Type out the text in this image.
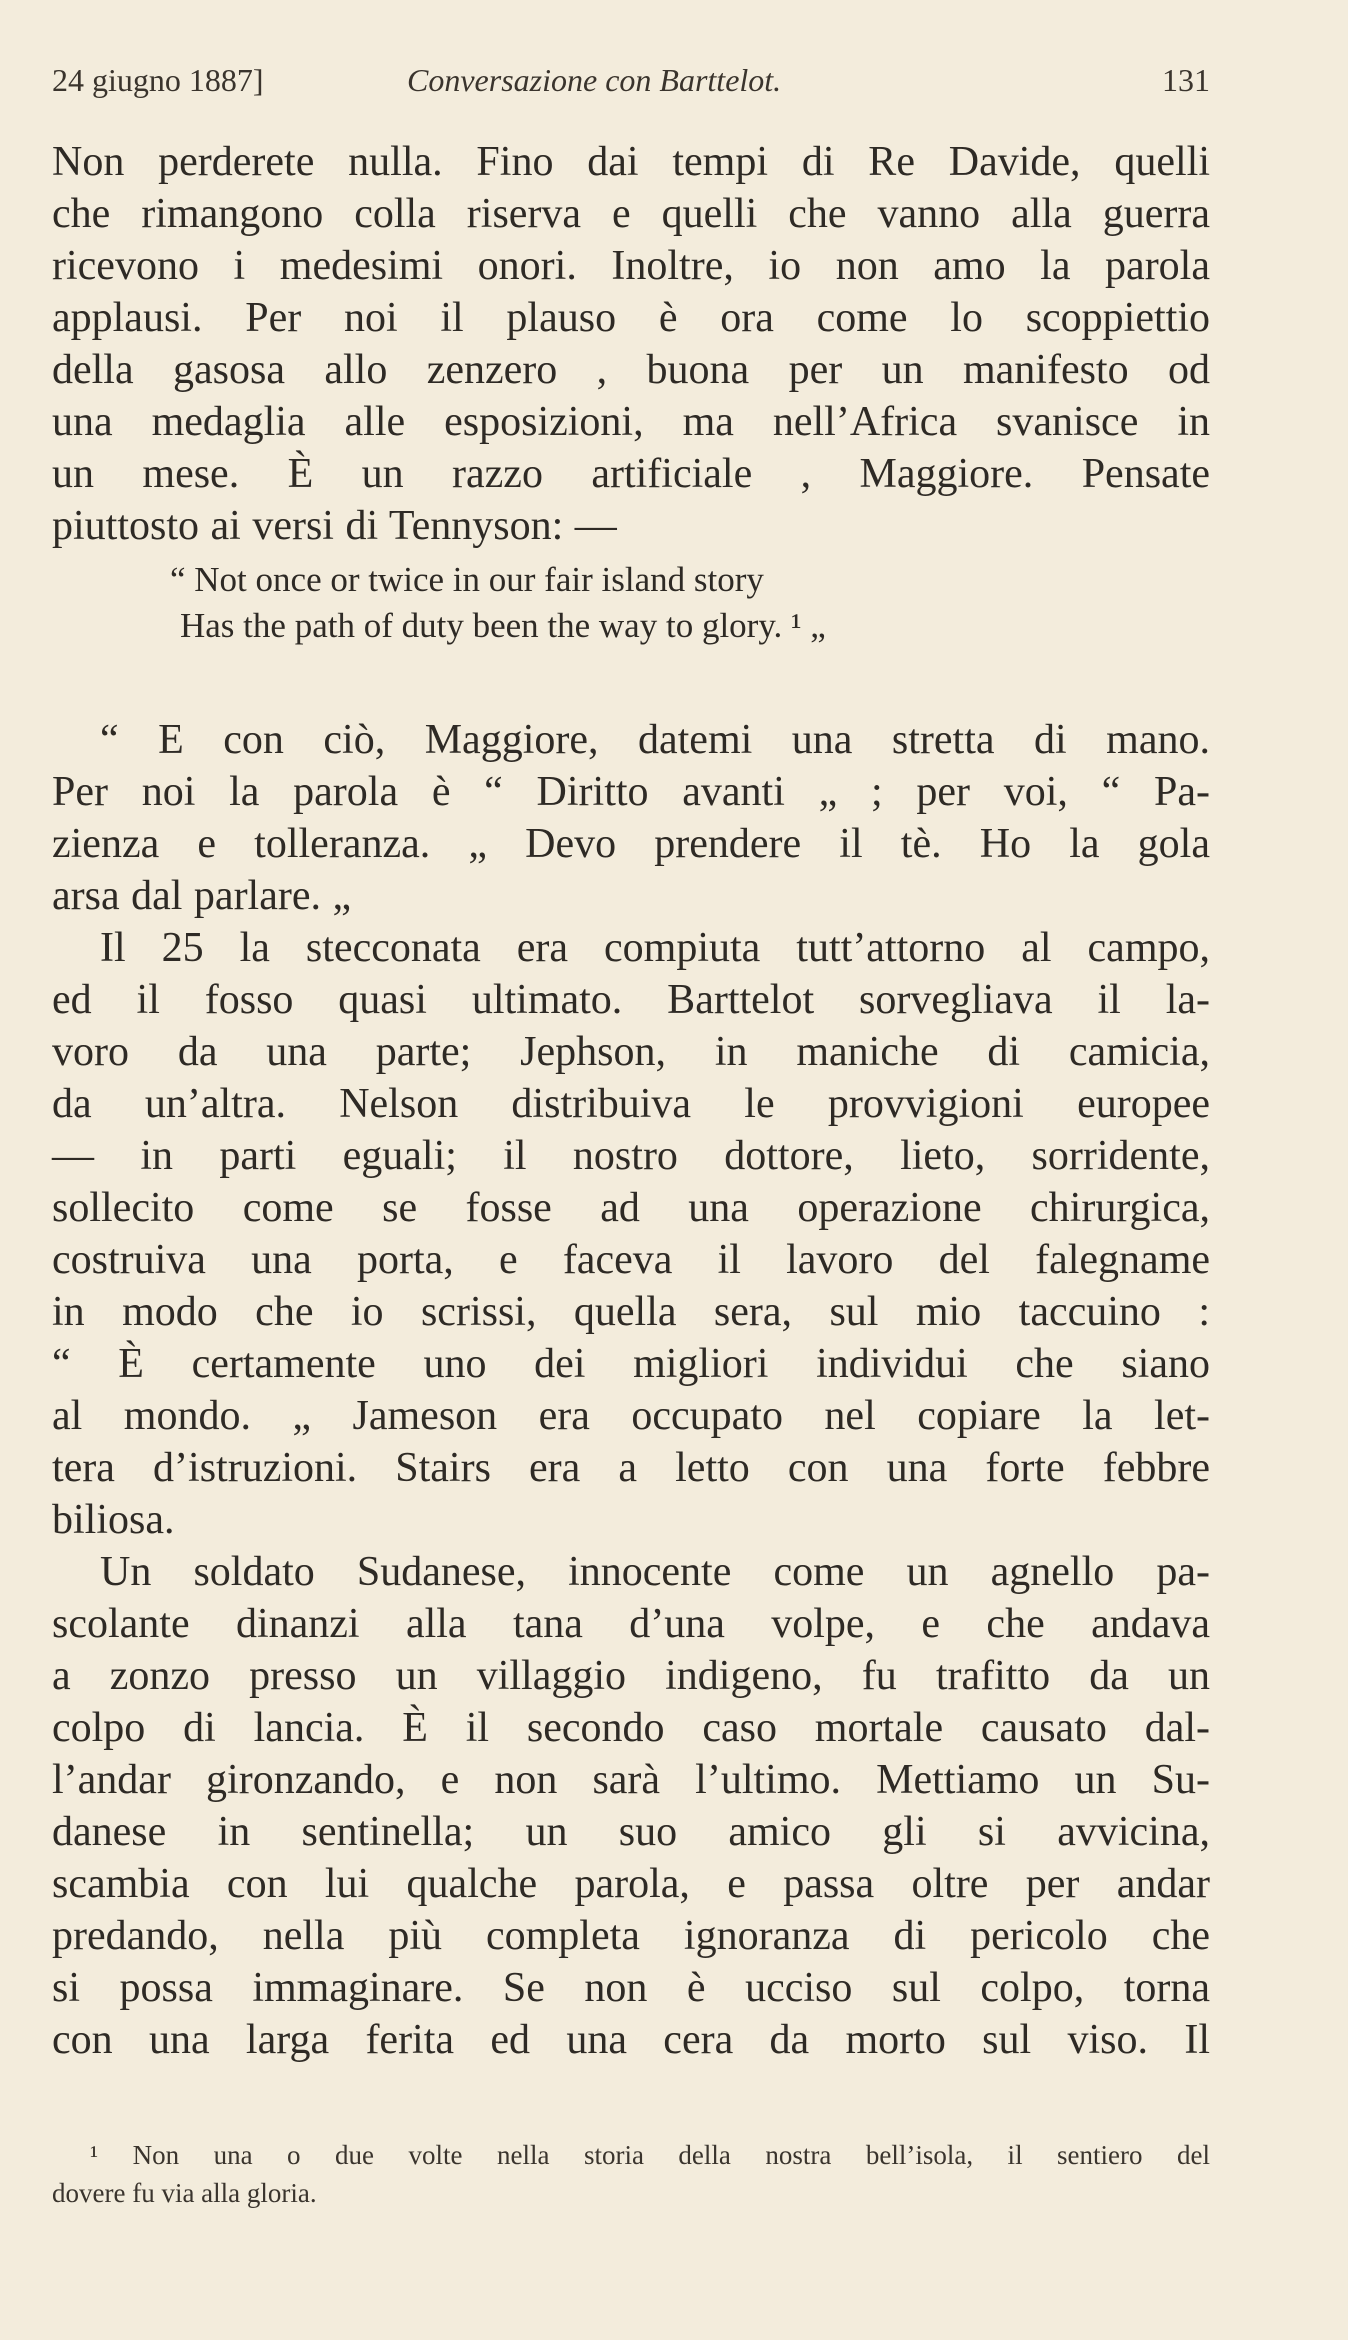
24 giugno 1887]	Conversazione con Barttelot.	131
Non perderete nulla. Fino dai tempi di Re Davide, quelli
che rimangono colla riserva e quelli che vanno alla guerra
ricevono i medesimi onori. Inoltre, io non amo la parola
applausi. Per noi il plauso è ora come lo scoppiettio
della gasosa allo zenzero , buona per un manifesto od
una medaglia alle esposizioni, ma nell’Africa svanisce in
un mese. È un razzo artificiale , Maggiore. Pensate
piuttosto ai versi di Tennyson: —
“ Not once or twice in our fair island story
Has the path of duty been the way to glory. ¹ „
“ E con ciò, Maggiore, datemi una stretta di mano.
Per noi la parola è “ Diritto avanti „ ; per voi, “ Pa-
zienza e tolleranza. „ Devo prendere il tè. Ho la gola
arsa dal parlare. „
Il 25 la stecconata era compiuta tutt’attorno al campo,
ed il fosso quasi ultimato. Barttelot sorvegliava il la-
voro da una parte; Jephson, in maniche di camicia,
da un’altra. Nelson distribuiva le provvigioni europee
— in parti eguali; il nostro dottore, lieto, sorridente,
sollecito come se fosse ad una operazione chirurgica,
costruiva una porta, e faceva il lavoro del falegname
in modo che io scrissi, quella sera, sul mio taccuino :
“ È certamente uno dei migliori individui che siano
al mondo. „ Jameson era occupato nel copiare la let-
tera d’istruzioni. Stairs era a letto con una forte febbre
biliosa.
Un soldato Sudanese, innocente come un agnello pa-
scolante dinanzi alla tana d’una volpe, e che andava
a zonzo presso un villaggio indigeno, fu trafitto da un
colpo di lancia. È il secondo caso mortale causato dal-
l’andar gironzando, e non sarà l’ultimo. Mettiamo un Su-
danese in sentinella; un suo amico gli si avvicina,
scambia con lui qualche parola, e passa oltre per andar
predando, nella più completa ignoranza di pericolo che
si possa immaginare. Se non è ucciso sul colpo, torna
con una larga ferita ed una cera da morto sul viso. Il
¹ Non una o due volte nella storia della nostra bell’isola, il sentiero del
dovere fu via alla gloria.
